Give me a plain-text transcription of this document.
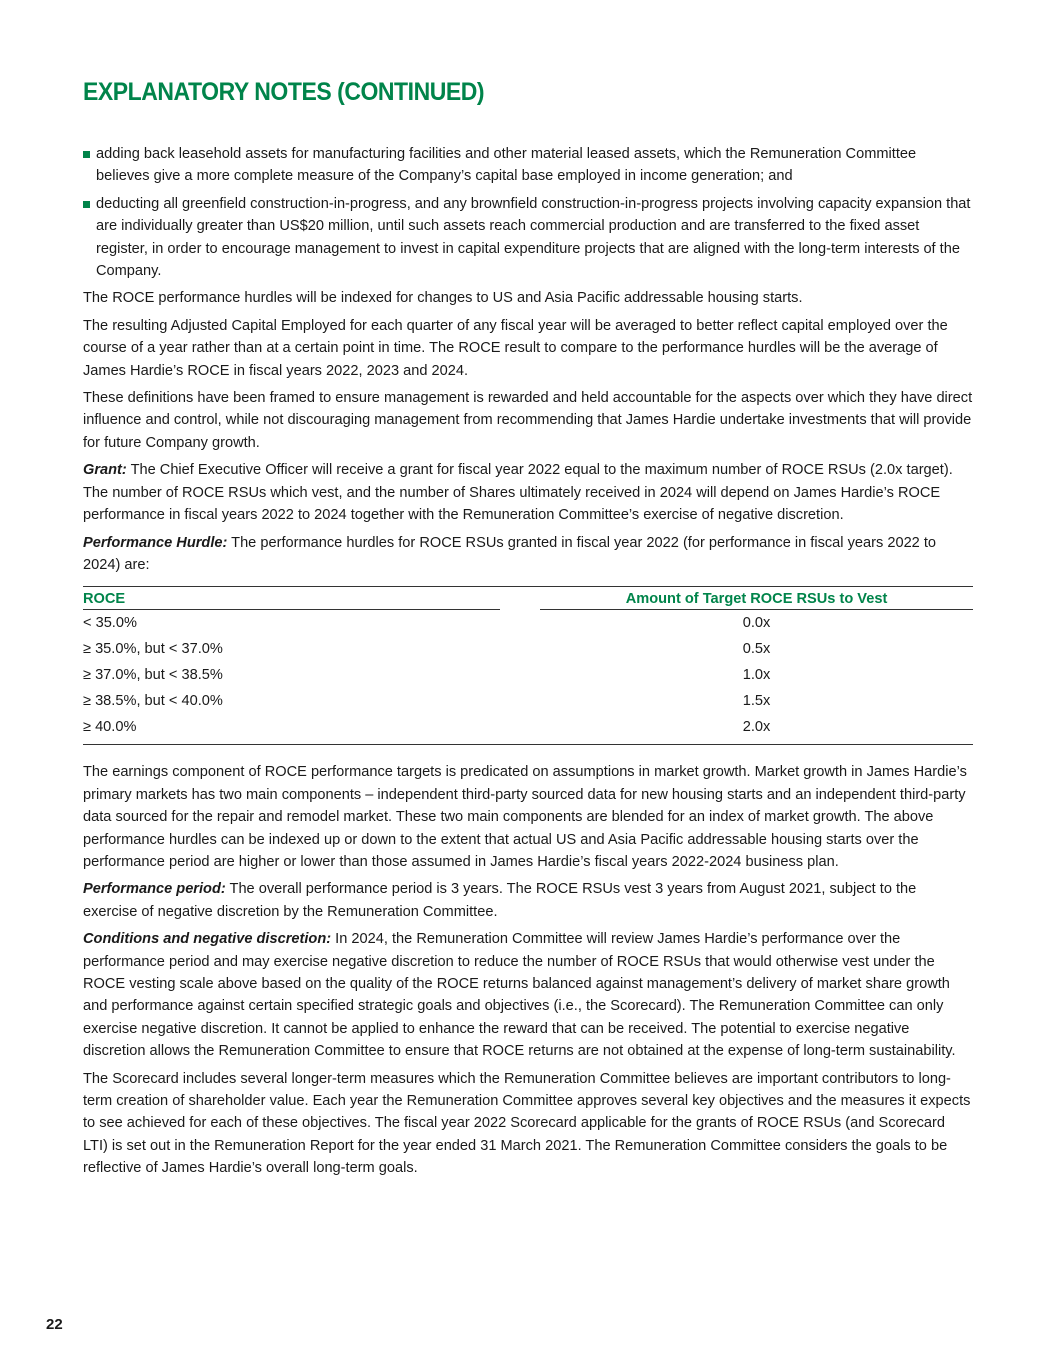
EXPLANATORY NOTES (CONTINUED)
adding back leasehold assets for manufacturing facilities and other material leased assets, which the Remuneration Committee believes give a more complete measure of the Company’s capital base employed in income generation; and
deducting all greenfield construction-in-progress, and any brownfield construction-in-progress projects involving capacity expansion that are individually greater than US$20 million, until such assets reach commercial production and are transferred to the fixed asset register, in order to encourage management to invest in capital expenditure projects that are aligned with the long-term interests of the Company.

The ROCE performance hurdles will be indexed for changes to US and Asia Pacific addressable housing starts.

The resulting Adjusted Capital Employed for each quarter of any fiscal year will be averaged to better reflect capital employed over the course of a year rather than at a certain point in time. The ROCE result to compare to the performance hurdles will be the average of James Hardie’s ROCE in fiscal years 2022, 2023 and 2024.

These definitions have been framed to ensure management is rewarded and held accountable for the aspects over which they have direct influence and control, while not discouraging management from recommending that James Hardie undertake investments that will provide for future Company growth.

Grant: The Chief Executive Officer will receive a grant for fiscal year 2022 equal to the maximum number of ROCE RSUs (2.0x target). The number of ROCE RSUs which vest, and the number of Shares ultimately received in 2024 will depend on James Hardie’s ROCE performance in fiscal years 2022 to 2024 together with the Remuneration Committee’s exercise of negative discretion.

Performance Hurdle: The performance hurdles for ROCE RSUs granted in fiscal year 2022 (for performance in fiscal years 2022 to 2024) are:

ROCE		Amount of Target ROCE RSUs to Vest
< 35.0%		0.0x
≥ 35.0%, but < 37.0%		0.5x
≥ 37.0%, but < 38.5%		1.0x
≥ 38.5%, but < 40.0%		1.5x
≥ 40.0%		2.0x

The earnings component of ROCE performance targets is predicated on assumptions in market growth. Market growth in James Hardie’s primary markets has two main components – independent third-party sourced data for new housing starts and an independent third-party data sourced for the repair and remodel market. These two main components are blended for an index of market growth. The above performance hurdles can be indexed up or down to the extent that actual US and Asia Pacific addressable housing starts over the performance period are higher or lower than those assumed in James Hardie’s fiscal years 2022-2024 business plan.

Performance period: The overall performance period is 3 years. The ROCE RSUs vest 3 years from August 2021, subject to the exercise of negative discretion by the Remuneration Committee.

Conditions and negative discretion: In 2024, the Remuneration Committee will review James Hardie’s performance over the performance period and may exercise negative discretion to reduce the number of ROCE RSUs that would otherwise vest under the ROCE vesting scale above based on the quality of the ROCE returns balanced against management’s delivery of market share growth and performance against certain specified strategic goals and objectives (i.e., the Scorecard). The Remuneration Committee can only exercise negative discretion. It cannot be applied to enhance the reward that can be received. The potential to exercise negative discretion allows the Remuneration Committee to ensure that ROCE returns are not obtained at the expense of long-term sustainability.

The Scorecard includes several longer-term measures which the Remuneration Committee believes are important contributors to long-term creation of shareholder value. Each year the Remuneration Committee approves several key objectives and the measures it expects to see achieved for each of these objectives. The fiscal year 2022 Scorecard applicable for the grants of ROCE RSUs (and Scorecard LTI) is set out in the Remuneration Report for the year ended 31 March 2021. The Remuneration Committee considers the goals to be reflective of James Hardie’s overall long-term goals.

22
